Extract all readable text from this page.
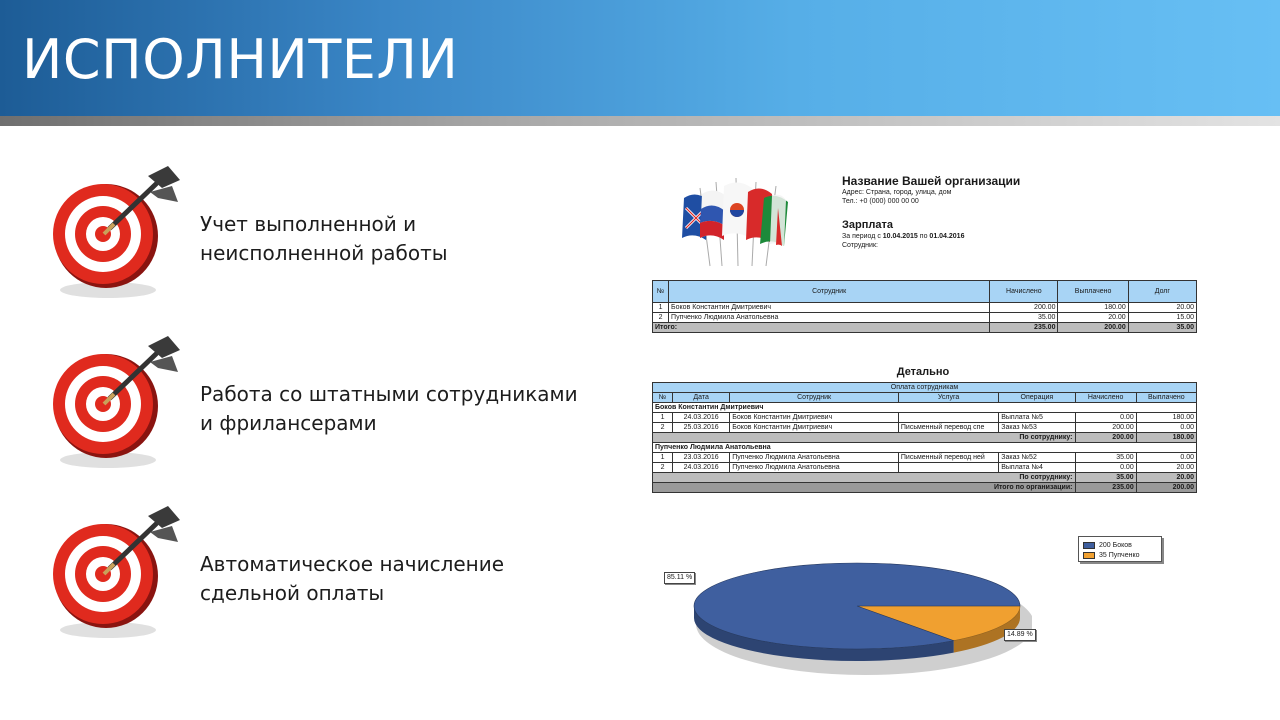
ИСПОЛНИТЕЛИ
Учет выполненной и
неисполненной работы
Работа со штатными сотрудниками
и фрилансерами
Автоматическое начисление
сдельной оплаты
Название Вашей организации
Адрес: Страна, город, улица, дом
Тел.: +0 (000) 000 00 00
Зарплата
За период с 10.04.2015 по 01.04.2016
Сотрудник:
№	Сотрудник	Начислено	Выплачено	Долг
1	Боков Константин Дмитриевич	200.00	180.00	20.00
2	Пупченко Людмила Анатольевна	35.00	20.00	15.00
Итого:		235.00	200.00	35.00
Детально
Оплата сотрудникам						
№	Дата	Сотрудник	Услуга	Операция	Начислено	Выплачено
Боков Константин Дмитриевич						
1	24.03.2016	Боков Константин Дмитриевич		Выплата №5	0.00	180.00
2	25.03.2016	Боков Константин Дмитриевич	Письменный перевод спе	Заказ №53	200.00	0.00
По сотруднику:					200.00	180.00
Пупченко Людмила Анатольевна						
1	23.03.2016	Пупченко Людмила Анатольевна	Письменный перевод ней	Заказ №52	35.00	0.00
2	24.03.2016	Пупченко Людмила Анатольевна		Выплата №4	0.00	20.00
По сотруднику:					35.00	20.00
Итого по организации:					235.00	200.00
200 Боков
35 Пупченко
85.11 %
14.89 %
